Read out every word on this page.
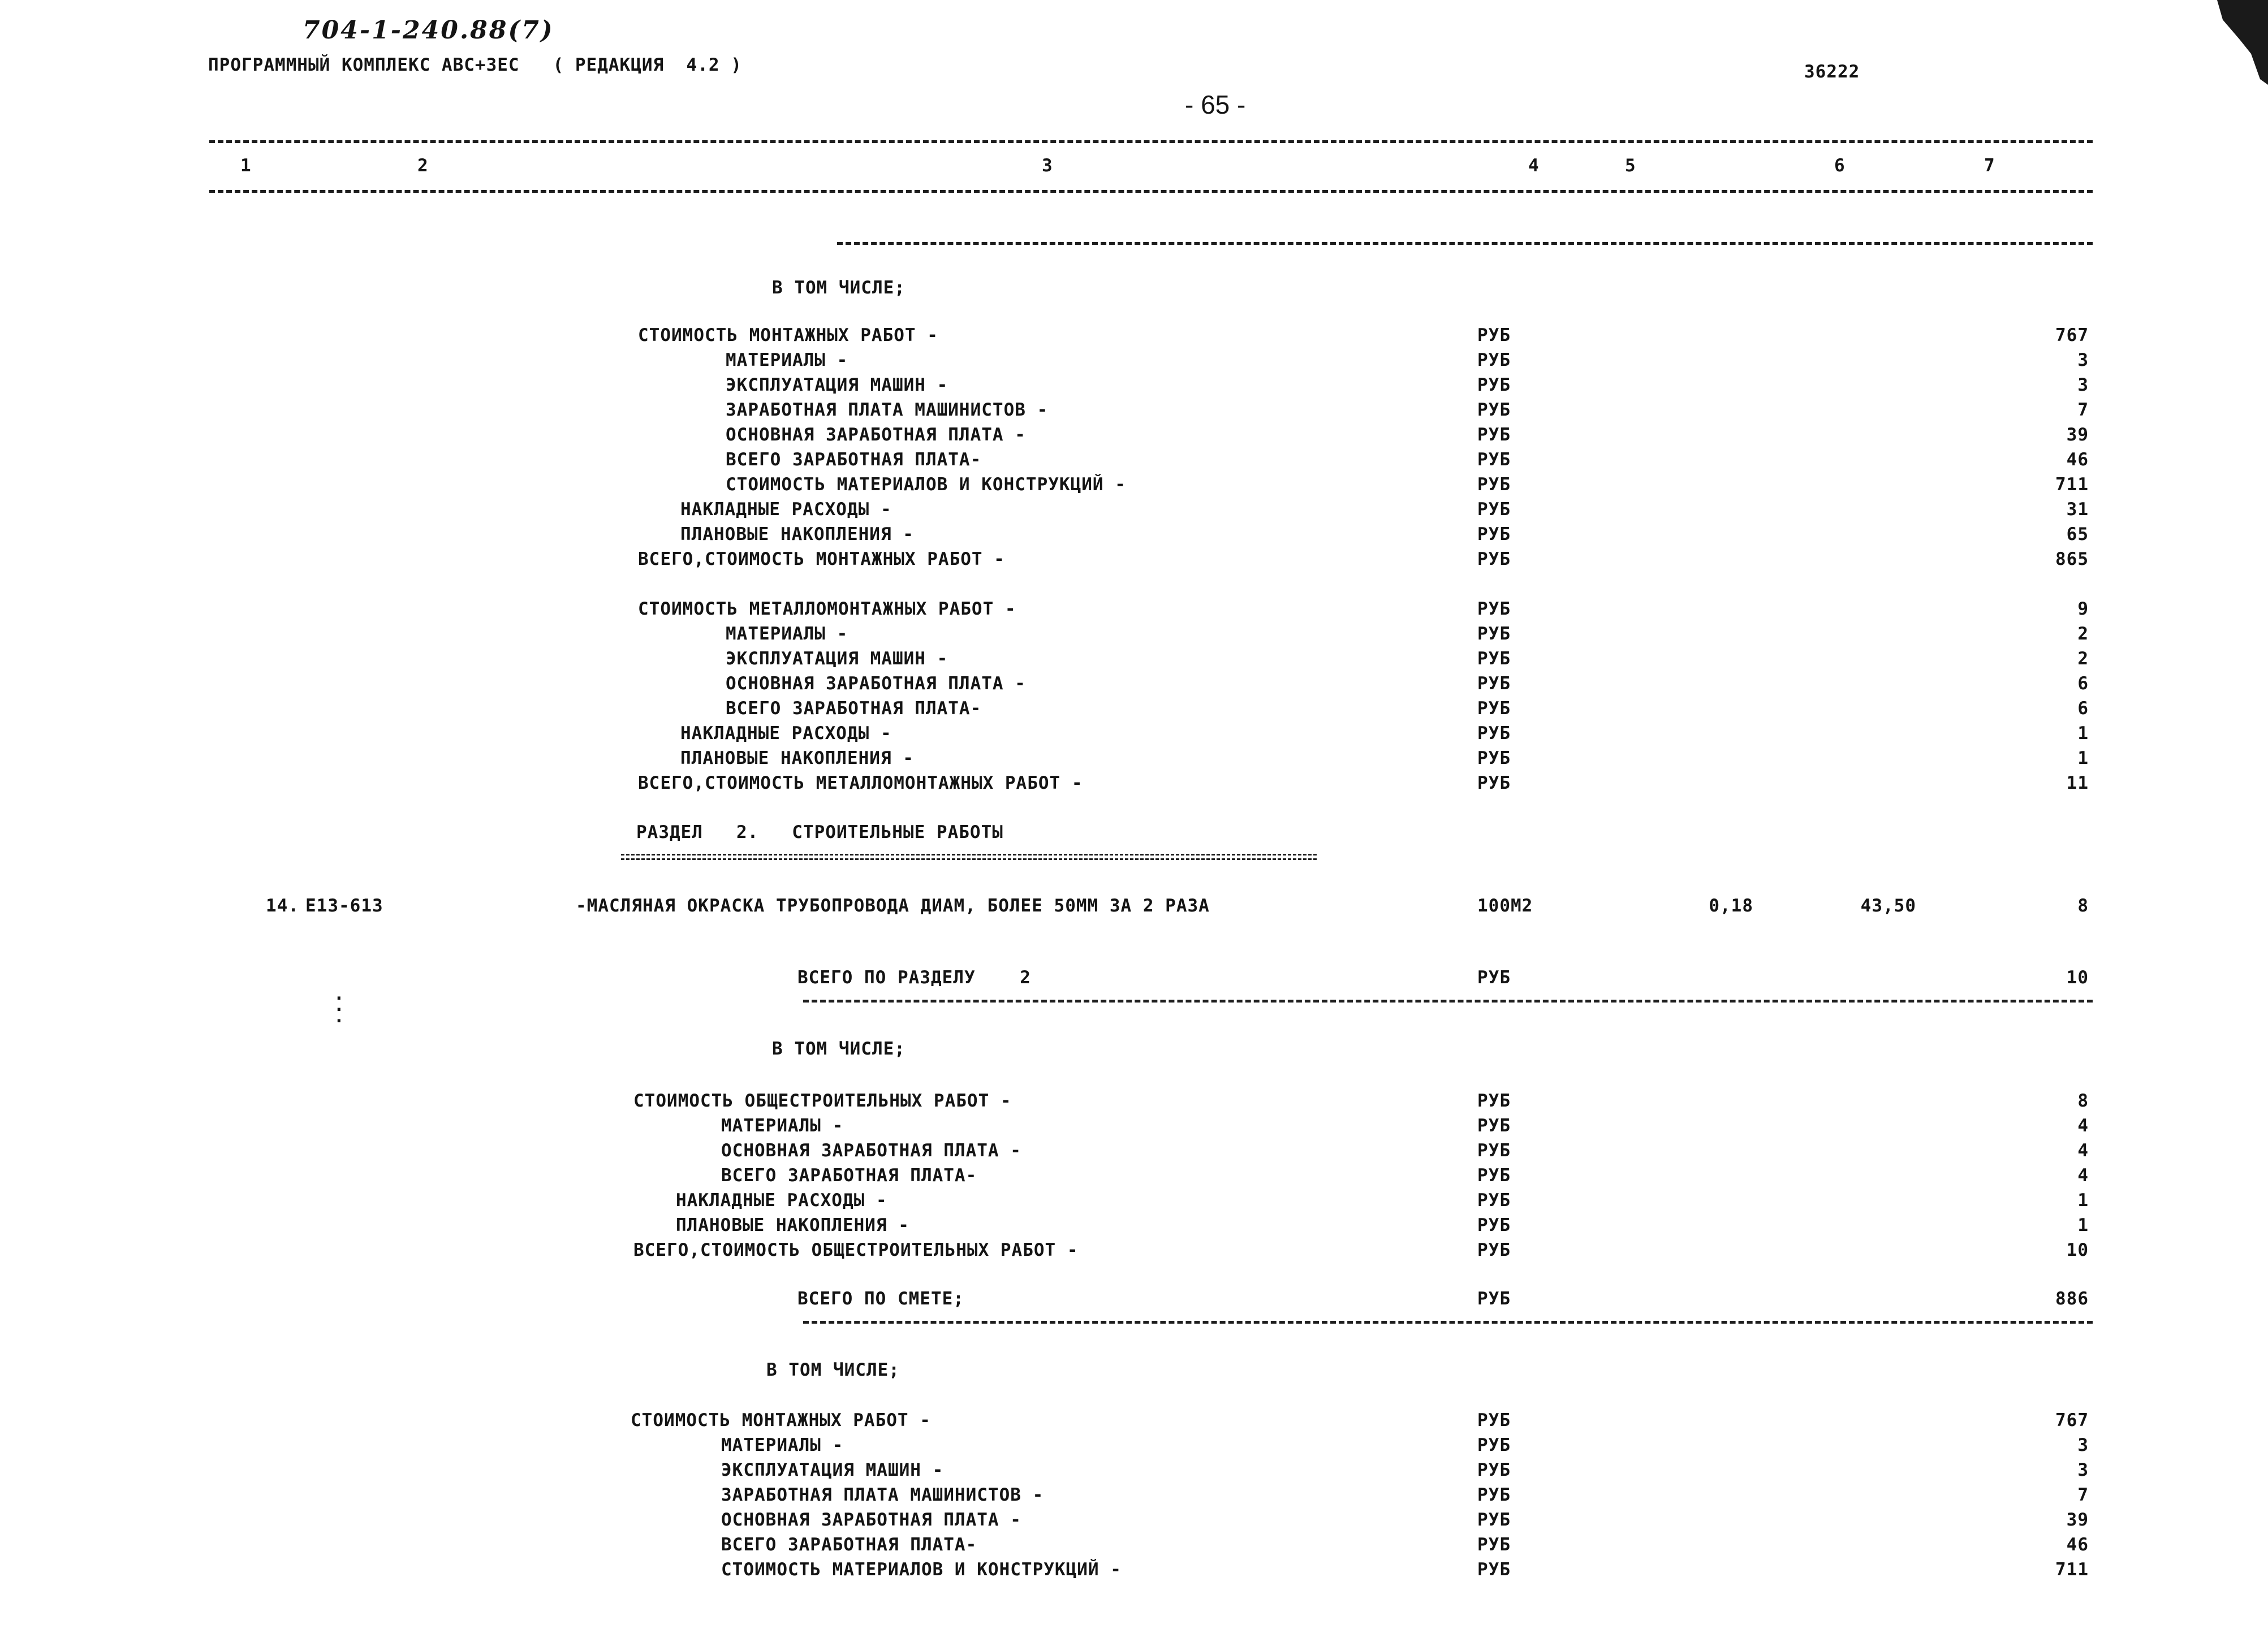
704-1-240.88(7)
ПРОГРАММНЫЙ КОМПЛЕКС АВС+ЗЕС   ( РЕДАКЦИЯ  4.2 )
- 65 -
36222
1	2	3	4	5	6	7
В ТОМ ЧИСЛЕ;
СТОИМОСТЬ МОНТАЖНЫХ РАБОТ -	РУБ	767
МАТЕРИАЛЫ -	РУБ	3
ЭКСПЛУАТАЦИЯ МАШИН -	РУБ	3
ЗАРАБОТНАЯ ПЛАТА МАШИНИСТОВ -	РУБ	7
ОСНОВНАЯ ЗАРАБОТНАЯ ПЛАТА -	РУБ	39
ВСЕГО ЗАРАБОТНАЯ ПЛАТА-	РУБ	46
СТОИМОСТЬ МАТЕРИАЛОВ И КОНСТРУКЦИЙ -	РУБ	711
НАКЛАДНЫЕ РАСХОДЫ -	РУБ	31
ПЛАНОВЫЕ НАКОПЛЕНИЯ -	РУБ	65
ВСЕГО,СТОИМОСТЬ МОНТАЖНЫХ РАБОТ -	РУБ	865
СТОИМОСТЬ МЕТАЛЛОМОНТАЖНЫХ РАБОТ -	РУБ	9
МАТЕРИАЛЫ -	РУБ	2
ЭКСПЛУАТАЦИЯ МАШИН -	РУБ	2
ОСНОВНАЯ ЗАРАБОТНАЯ ПЛАТА -	РУБ	6
ВСЕГО ЗАРАБОТНАЯ ПЛАТА-	РУБ	6
НАКЛАДНЫЕ РАСХОДЫ -	РУБ	1
ПЛАНОВЫЕ НАКОПЛЕНИЯ -	РУБ	1
ВСЕГО,СТОИМОСТЬ МЕТАЛЛОМОНТАЖНЫХ РАБОТ -	РУБ	11
РАЗДЕЛ   2.   СТРОИТЕЛЬНЫЕ РАБОТЫ
14. Е13-613	-МАСЛЯНАЯ ОКРАСКА ТРУБОПРОВОДА ДИАМ, БОЛЕЕ 50ММ ЗА 2 РАЗА	100М2	0,18	43,50	8
ВСЕГО ПО РАЗДЕЛУ    2	РУБ	10
.
.
.
В ТОМ ЧИСЛЕ;
СТОИМОСТЬ ОБЩЕСТРОИТЕЛЬНЫХ РАБОТ -	РУБ	8
МАТЕРИАЛЫ -	РУБ	4
ОСНОВНАЯ ЗАРАБОТНАЯ ПЛАТА -	РУБ	4
ВСЕГО ЗАРАБОТНАЯ ПЛАТА-	РУБ	4
НАКЛАДНЫЕ РАСХОДЫ -	РУБ	1
ПЛАНОВЫЕ НАКОПЛЕНИЯ -	РУБ	1
ВСЕГО,СТОИМОСТЬ ОБЩЕСТРОИТЕЛЬНЫХ РАБОТ -	РУБ	10
ВСЕГО ПО СМЕТЕ;	РУБ	886
В ТОМ ЧИСЛЕ;
СТОИМОСТЬ МОНТАЖНЫХ РАБОТ -	РУБ	767
МАТЕРИАЛЫ -	РУБ	3
ЭКСПЛУАТАЦИЯ МАШИН -	РУБ	3
ЗАРАБОТНАЯ ПЛАТА МАШИНИСТОВ -	РУБ	7
ОСНОВНАЯ ЗАРАБОТНАЯ ПЛАТА -	РУБ	39
ВСЕГО ЗАРАБОТНАЯ ПЛАТА-	РУБ	46
СТОИМОСТЬ МАТЕРИАЛОВ И КОНСТРУКЦИЙ -	РУБ	711
